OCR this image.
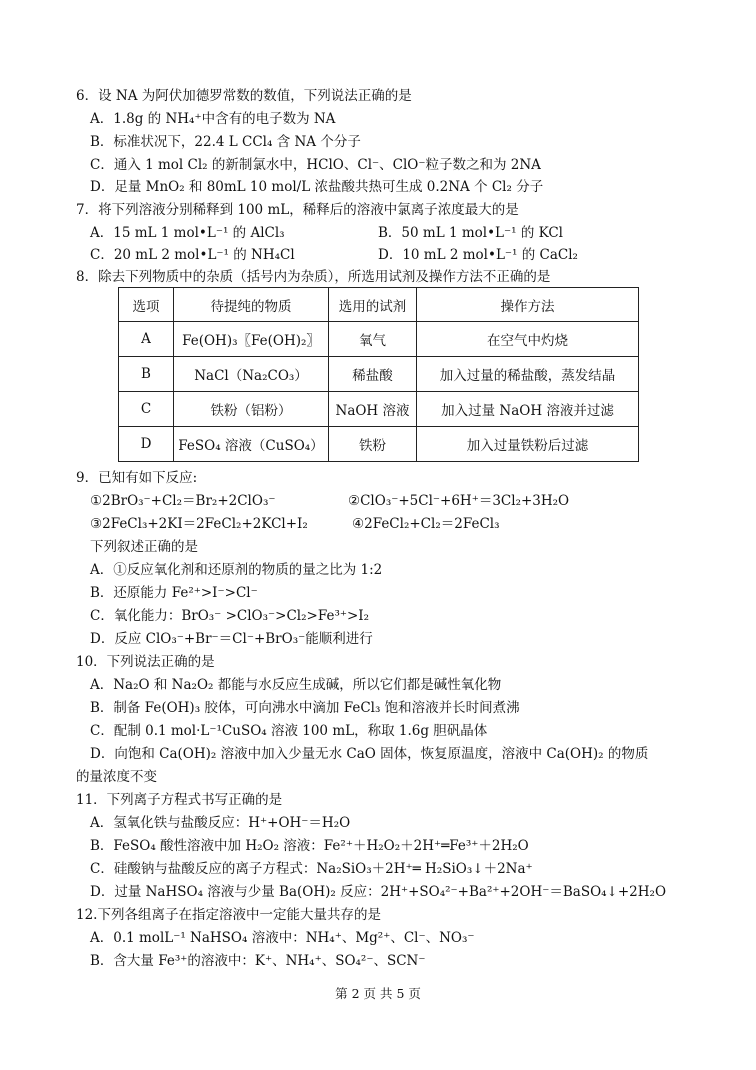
6．设 NA 为阿伏加德罗常数的数值，下列说法正确的是
A．1.8g 的 NH₄⁺中含有的电子数为 NA
B．标准状况下，22.4 L CCl₄ 含 NA 个分子
C．通入 1 mol Cl₂ 的新制氯水中，HClO、Cl⁻、ClO⁻粒子数之和为 2NA
D．足量 MnO₂ 和 80mL 10 mol/L 浓盐酸共热可生成 0.2NA 个 Cl₂ 分子
7．将下列溶液分别稀释到 100 mL，稀释后的溶液中氯离子浓度最大的是
A．15 mL 1 mol•L⁻¹ 的 AlCl₃	B．50 mL 1 mol•L⁻¹ 的 KCl
C．20 mL 2 mol•L⁻¹ 的 NH₄Cl	D．10 mL 2 mol•L⁻¹ 的 CaCl₂
8．除去下列物质中的杂质（括号内为杂质），所选用试剂及操作方法不正确的是
选项	待提纯的物质	选用的试剂	操作方法
A	Fe(OH)₃〖Fe(OH)₂〗	氧气	在空气中灼烧
B	NaCl（Na₂CO₃）	稀盐酸	加入过量的稀盐酸，蒸发结晶
C	铁粉（铝粉）	NaOH 溶液	加入过量 NaOH 溶液并过滤
D	FeSO₄ 溶液（CuSO₄）	铁粉	加入过量铁粉后过滤
9．已知有如下反应:
①2BrO₃⁻+Cl₂＝Br₂+2ClO₃⁻	②ClO₃⁻+5Cl⁻+6H⁺＝3Cl₂+3H₂O
③2FeCl₃+2KI＝2FeCl₂+2KCl+I₂	④2FeCl₂+Cl₂＝2FeCl₃
下列叙述正确的是
A．①反应氧化剂和还原剂的物质的量之比为 1:2
B．还原能力 Fe²⁺>I⁻>Cl⁻
C．氧化能力：BrO₃⁻ >ClO₃⁻>Cl₂>Fe³⁺>I₂
D．反应 ClO₃⁻+Br⁻＝Cl⁻+BrO₃⁻能顺利进行
10．下列说法正确的是
A．Na₂O 和 Na₂O₂ 都能与水反应生成碱，所以它们都是碱性氧化物
B．制备 Fe(OH)₃ 胶体，可向沸水中滴加 FeCl₃ 饱和溶液并长时间煮沸
C．配制 0.1 mol·L⁻¹CuSO₄ 溶液 100 mL，称取 1.6g 胆矾晶体
D．向饱和 Ca(OH)₂ 溶液中加入少量无水 CaO 固体，恢复原温度，溶液中 Ca(OH)₂ 的物质
的量浓度不变
11．下列离子方程式书写正确的是
A．氢氧化铁与盐酸反应：H⁺+OH⁻＝H₂O
B．FeSO₄ 酸性溶液中加 H₂O₂ 溶液：Fe²⁺＋H₂O₂＋2H⁺═Fe³⁺＋2H₂O
C．硅酸钠与盐酸反应的离子方程式：Na₂SiO₃＋2H⁺═ H₂SiO₃↓＋2Na⁺
D．过量 NaHSO₄ 溶液与少量 Ba(OH)₂ 反应：2H⁺+SO₄²⁻+Ba²⁺+2OH⁻＝BaSO₄↓+2H₂O
12.下列各组离子在指定溶液中一定能大量共存的是
A．0.1 molL⁻¹ NaHSO₄ 溶液中：NH₄⁺、Mg²⁺、Cl⁻、NO₃⁻
B．含大量 Fe³⁺的溶液中：K⁺、NH₄⁺、SO₄²⁻、SCN⁻
第 2 页 共 5 页
